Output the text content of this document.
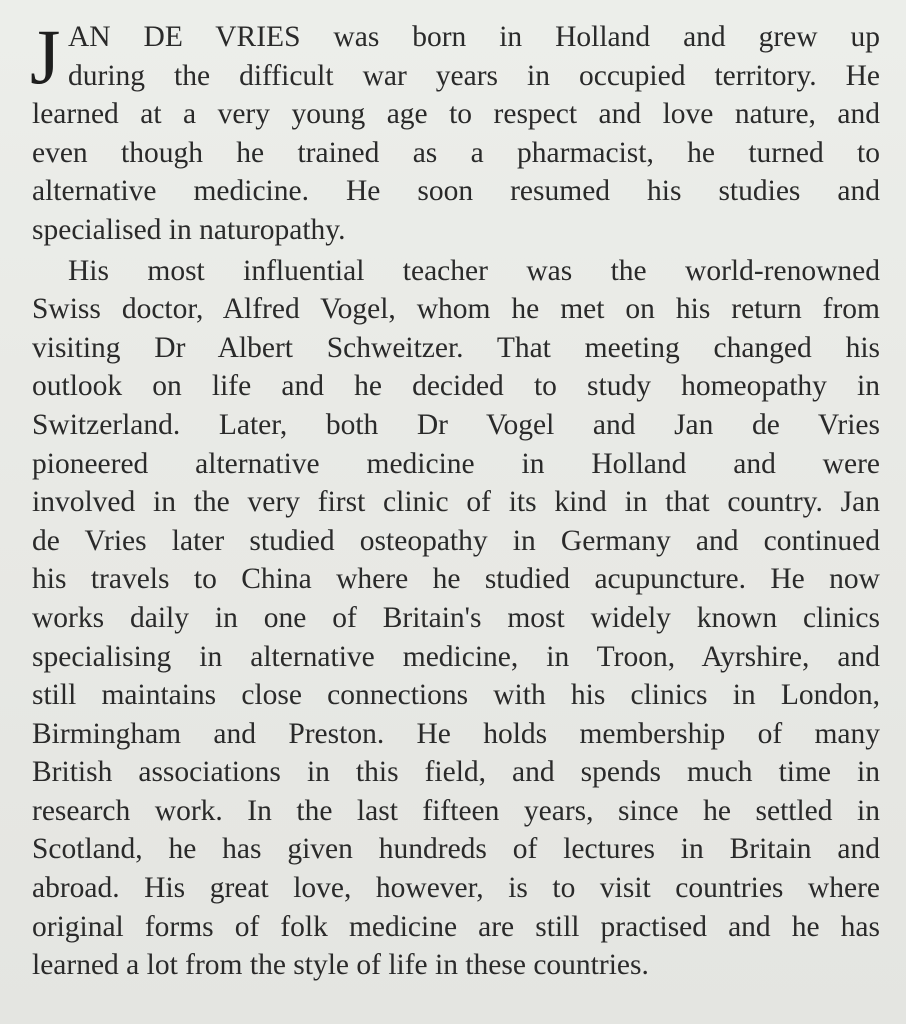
J AN DE VRIES was born in Holland and grew up
during the difficult war years in occupied territory. He
learned at a very young age to respect and love nature, and
even though he trained as a pharmacist, he turned to
alternative medicine. He soon resumed his studies and
specialised in naturopathy.

His most influential teacher was the world-renowned
Swiss doctor, Alfred Vogel, whom he met on his return from
visiting Dr Albert Schweitzer. That meeting changed his
outlook on life and he decided to study homeopathy in
Switzerland. Later, both Dr Vogel and Jan de Vries
pioneered alternative medicine in Holland and were
involved in the very first clinic of its kind in that country. Jan
de Vries later studied osteopathy in Germany and continued
his travels to China where he studied acupuncture. He now
works daily in one of Britain's most widely known clinics
specialising in alternative medicine, in Troon, Ayrshire, and
still maintains close connections with his clinics in London,
Birmingham and Preston. He holds membership of many
British associations in this field, and spends much time in
research work. In the last fifteen years, since he settled in
Scotland, he has given hundreds of lectures in Britain and
abroad. His great love, however, is to visit countries where
original forms of folk medicine are still practised and he has
learned a lot from the style of life in these countries.
